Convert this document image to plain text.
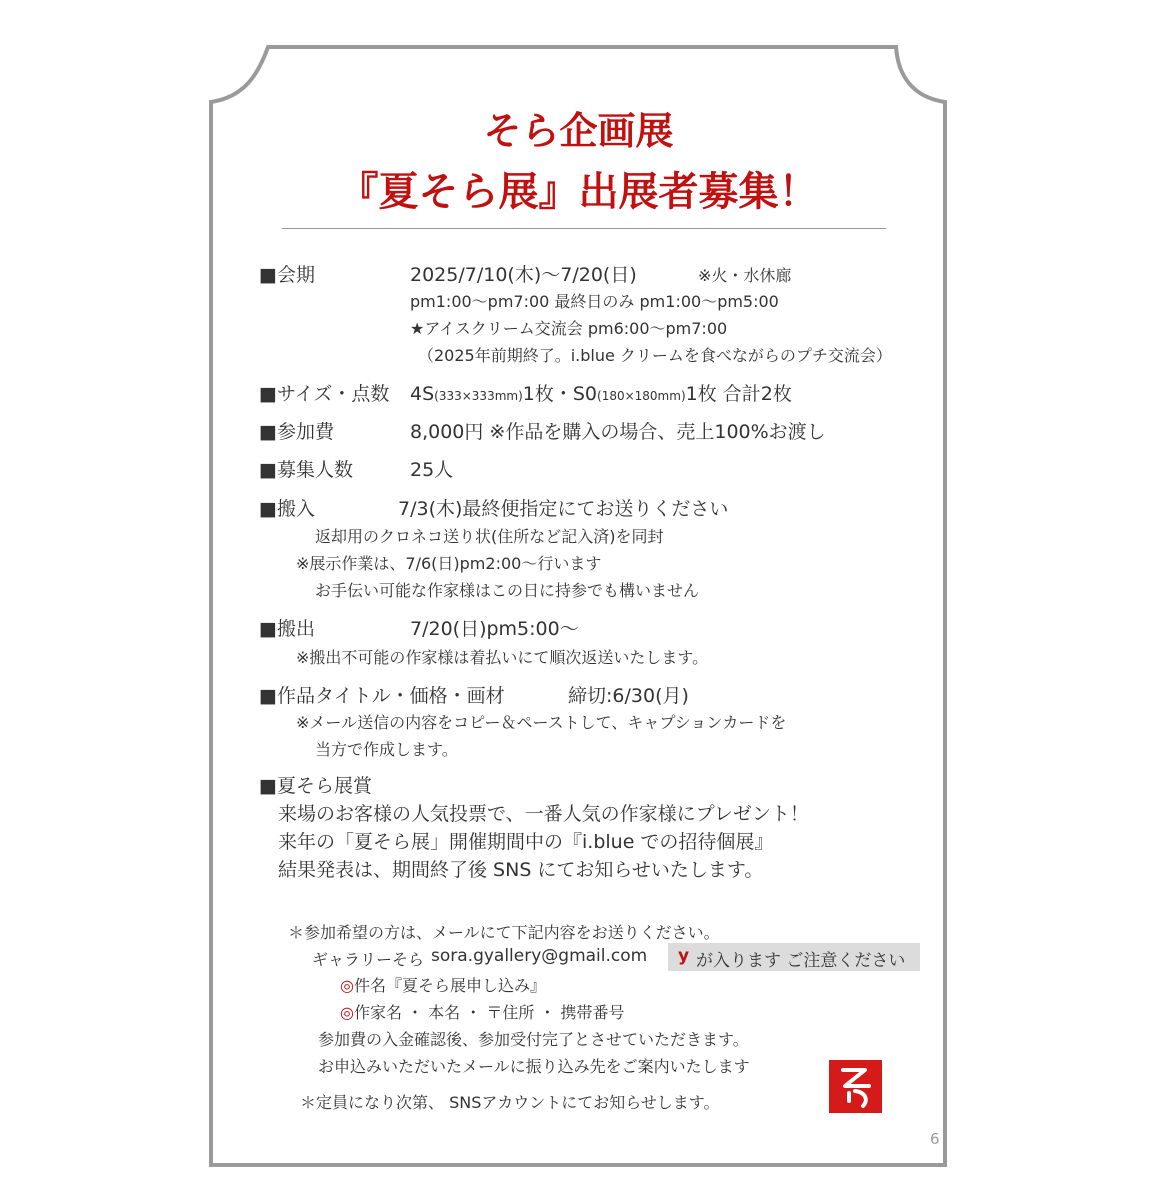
そら企画展
『夏そら展』出展者募集！
■会期	2025/7/10(木)〜7/20(日)	※火・水休廊
pm1:00〜pm7:00 最終日のみ pm1:00〜pm5:00
★アイスクリーム交流会 pm6:00〜pm7:00
（2025年前期終了。i.blue クリームを食べながらのプチ交流会）
■サイズ・点数 4S(333×333mm)1枚・S0(180×180mm)1枚 合計2枚
■参加費	8,000円 ※作品を購入の場合、売上100%お渡し
■募集人数	25人
■搬入	7/3(木)最終便指定にてお送りください
返却用のクロネコ送り状(住所など記入済)を同封
※展示作業は、7/6(日)pm2:00〜行います
お手伝い可能な作家様はこの日に持参でも構いません
■搬出	7/20(日)pm5:00〜
※搬出不可能の作家様は着払いにて順次返送いたします。
■作品タイトル・価格・画材	締切:6/30(月)
※メール送信の内容をコピー＆ペーストして、キャプションカードを
当方で作成します。
■夏そら展賞
来場のお客様の人気投票で、一番人気の作家様にプレゼント！
来年の「夏そら展」開催期間中の『i.blue での招待個展』
結果発表は、期間終了後 SNS にてお知らせいたします。
＊参加希望の方は、メールにて下記内容をお送りください。
ギャラリーそら sora.gyallery@gmail.com y が入ります ご注意ください
◎件名『夏そら展申し込み』
◎作家名 ・ 本名 ・ 〒住所 ・ 携帯番号
参加費の入金確認後、参加受付完了とさせていただきます。
お申込みいただいたメールに振り込み先をご案内いたします
＊定員になり次第、 SNSアカウントにてお知らせします。
6
